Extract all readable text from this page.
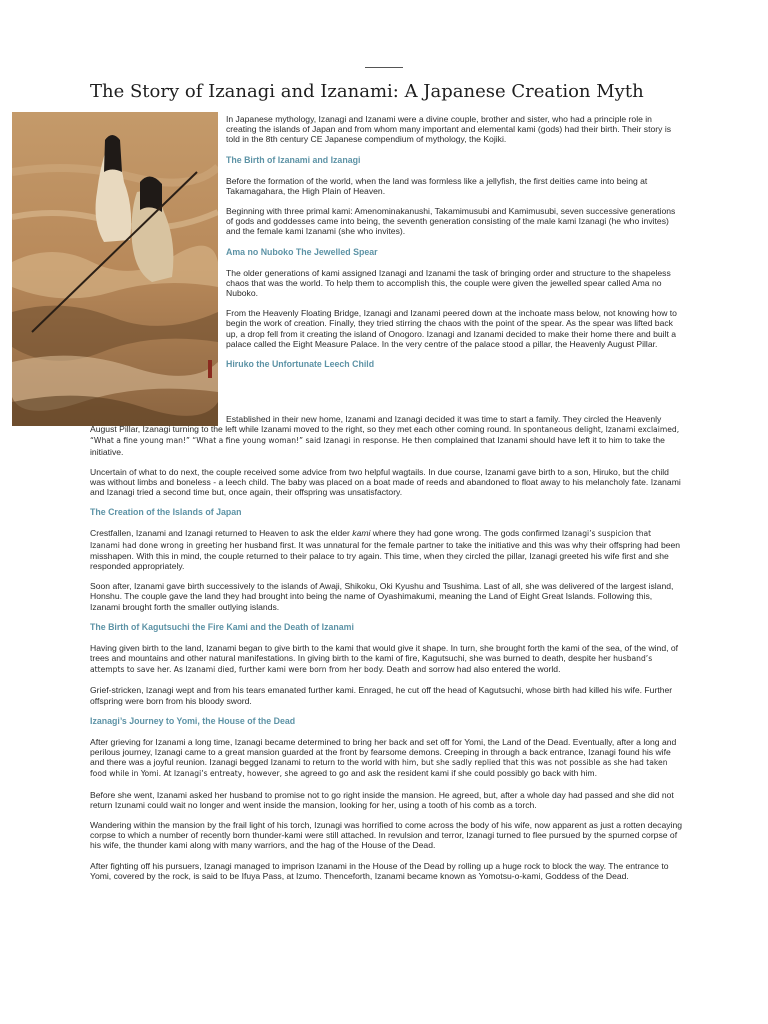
The Story of Izanagi and Izanami: A Japanese Creation Myth

In Japanese mythology, Izanagi and Izanami were a divine couple, brother and sister, who had a principle role in creating the islands of Japan and from whom many important and elemental kami (gods) had their birth. Their story is told in the 8th century CE Japanese compendium of mythology, the Kojiki.

The Birth of Izanami and Izanagi

Before the formation of the world, when the land was formless like a jellyfish, the first deities came into being at Takamagahara, the High Plain of Heaven.

Beginning with three primal kami: Amenominakanushi, Takamimusubi and Kamimusubi, seven successive generations of gods and goddesses came into being, the seventh generation consisting of the male kami Izanagi (he who invites) and the female kami Izanami (she who invites).

Ama no Nuboko The Jewelled Spear

The older generations of kami assigned Izanagi and Izanami the task of bringing order and structure to the shapeless chaos that was the world. To help them to accomplish this, the couple were given the jewelled spear called Ama no Nuboko.

From the Heavenly Floating Bridge, Izanagi and Izanami peered down at the inchoate mass below, not knowing how to begin the work of creation. Finally, they tried stirring the chaos with the point of the spear. As the spear was lifted back up, a drop fell from it creating the island of Onogoro. Izanagi and Izanami decided to make their home there and built a palace called the Eight Measure Palace. In the very centre of the palace stood a pillar, the Heavenly August Pillar.

Hiruko the Unfortunate Leech Child

Established in their new home, Izanami and Izanagi decided it was time to start a family. They circled the Heavenly August Pillar, Izanagi turning to the left while Izanami moved to the right, so they met each other coming round. In spontaneous delight, Izanami exclaimed, “What a fine young man!” “What a fine young woman!” said Izanagi in response. He then complained that Izanami should have left it to him to take the initiative.

Uncertain of what to do next, the couple received some advice from two helpful wagtails. In due course, Izanami gave birth to a son, Hiruko, but the child was without limbs and boneless - a leech child. The baby was placed on a boat made of reeds and abandoned to float away to his melancholy fate. Izanami and Izanagi tried a second time but, once again, their offspring was unsatisfactory.

The Creation of the Islands of Japan

Crestfallen, Izanami and Izanagi returned to Heaven to ask the elder kami where they had gone wrong. The gods confirmed Izanagi’s suspicion that Izanami had done wrong in greeting her husband first. It was unnatural for the female partner to take the initiative and this was why their offspring had been misshapen. With this in mind, the couple returned to their palace to try again. This time, when they circled the pillar, Izanagi greeted his wife first and she responded appropriately.

Soon after, Izanami gave birth successively to the islands of Awaji, Shikoku, Oki Kyushu and Tsushima. Last of all, she was delivered of the largest island, Honshu. The couple gave the land they had brought into being the name of Oyashimakumi, meaning the Land of Eight Great Islands. Following this, Izanami brought forth the smaller outlying islands.

The Birth of Kagutsuchi the Fire Kami and the Death of Izanami

Having given birth to the land, Izanami began to give birth to the kami that would give it shape. In turn, she brought forth the kami of the sea, of the wind, of trees and mountains and other natural manifestations. In giving birth to the kami of fire, Kagutsuchi, she was burned to death, despite her husband’s attempts to save her. As Izanami died, further kami were born from her body. Death and sorrow had also entered the world.

Grief-stricken, Izanagi wept and from his tears emanated further kami. Enraged, he cut off the head of Kagutsuchi, whose birth had killed his wife. Further offspring were born from his bloody sword.

Izanagi’s Journey to Yomi, the House of the Dead

After grieving for Izanami a long time, Izanagi became determined to bring her back and set off for Yomi, the Land of the Dead. Eventually, after a long and perilous journey, Izanagi came to a great mansion guarded at the front by fearsome demons. Creeping in through a back entrance, Izanagi found his wife and there was a joyful reunion. Izanagi begged Izanami to return to the world with him, but she sadly replied that this was not possible as she had taken food while in Yomi. At Izanagi’s entreaty, however, she agreed to go and ask the resident kami if she could possibly go back with him.

Before she went, Izanami asked her husband to promise not to go right inside the mansion. He agreed, but, after a whole day had passed and she did not return Izunami could wait no longer and went inside the mansion, looking for her, using a tooth of his comb as a torch.

Wandering within the mansion by the frail light of his torch, Izunagi was horrified to come across the body of his wife, now apparent as just a rotten decaying corpse to which a number of recently born thunder-kami were still attached. In revulsion and terror, Izanagi turned to flee pursued by the spurned corpse of his wife, the thunder kami along with many warriors, and the hag of the House of the Dead.

After fighting off his pursuers, Izanagi managed to imprison Izanami in the House of the Dead by rolling up a huge rock to block the way. The entrance to Yomi, covered by the rock, is said to be Ifuya Pass, at Izumo. Thenceforth, Izanami became known as Yomotsu-o-kami, Goddess of the Dead.
